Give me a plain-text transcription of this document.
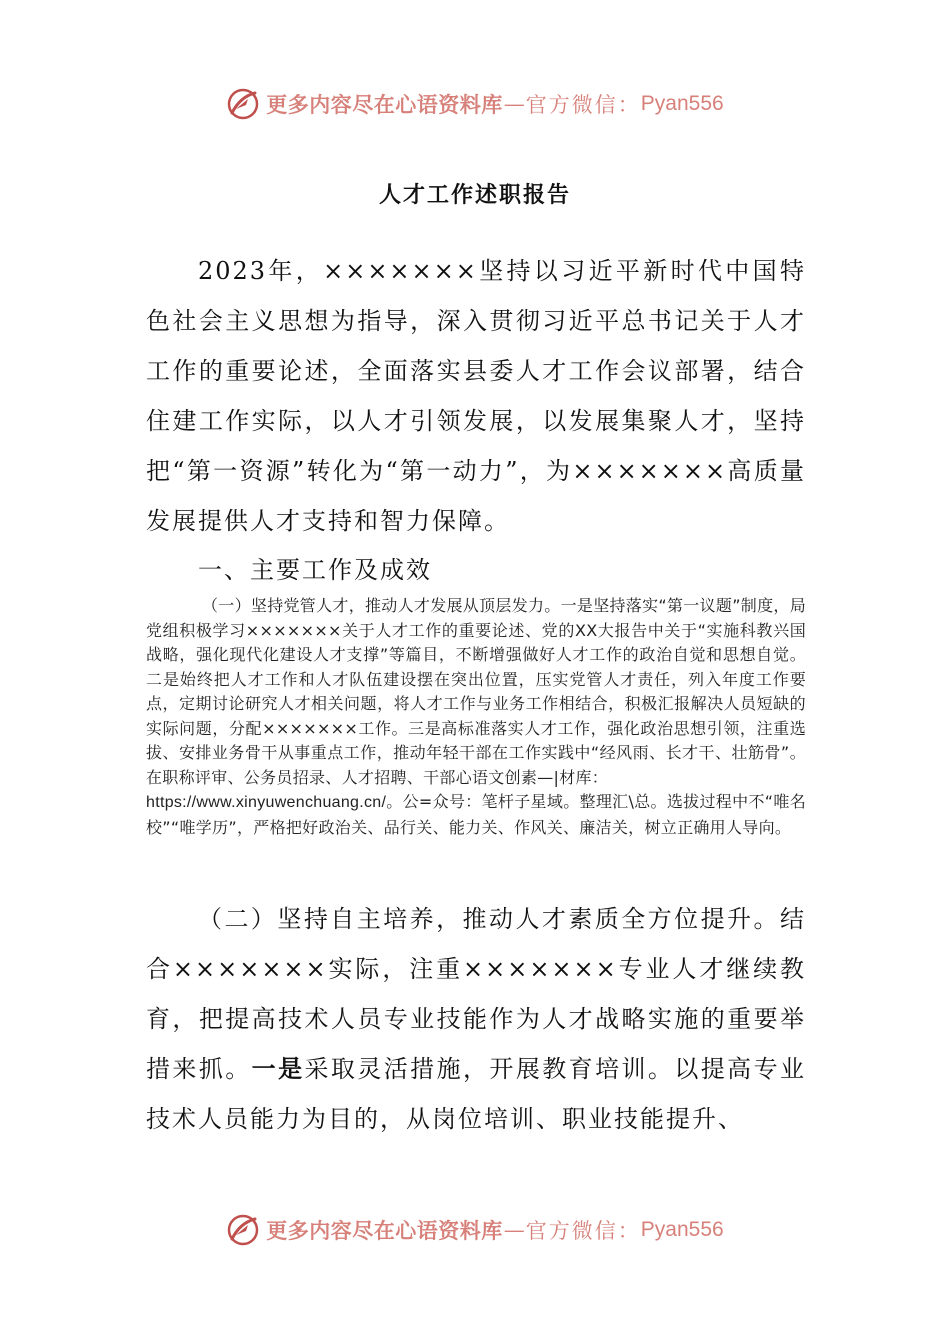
更多内容尽在心语资料库 — 官方微信： Pyan556
人才工作述职报告

2023年，×××××××坚持以习近平新时代中国特色社会主义思想为指导，深入贯彻习近平总书记关于人才工作的重要论述，全面落实县委人才工作会议部署，结合住建工作实际，以人才引领发展，以发展集聚人才，坚持把“第一资源”转化为“第一动力”，为×××××××高质量发展提供人才支持和智力保障。

一、主要工作及成效

（一）坚持党管人才，推动人才发展从顶层发力。一是坚持落实“第一议题”制度，局党组积极学习×××××××关于人才工作的重要论述、党的XX大报告中关于“实施科教兴国战略，强化现代化建设人才支撑”等篇目，不断增强做好人才工作的政治自觉和思想自觉。二是始终把人才工作和人才队伍建设摆在突出位置，压实党管人才责任，列入年度工作要点，定期讨论研究人才相关问题，将人才工作与业务工作相结合，积极汇报解决人员短缺的实际问题，分配×××××××工作。三是高标准落实人才工作，强化政治思想引领，注重选拔、安排业务骨干从事重点工作，推动年轻干部在工作实践中“经风雨、长才干、壮筋骨”。在职称评审、公务员招录、人才招聘、干部心语文创素—|材库：
https://www.xinyuwenchuang.cn/。公=众号：笔杆子星域。整理汇\总。选拔过程中不“唯名校”“唯学历”，严格把好政治关、品行关、能力关、作风关、廉洁关，树立正确用人导向。

（二）坚持自主培养，推动人才素质全方位提升。结合×××××××实际，注重×××××××专业人才继续教育，把提高技术人员专业技能作为人才战略实施的重要举措来抓。一是采取灵活措施，开展教育培训。以提高专业技术人员能力为目的，从岗位培训、职业技能提升、

更多内容尽在心语资料库 — 官方微信： Pyan556
